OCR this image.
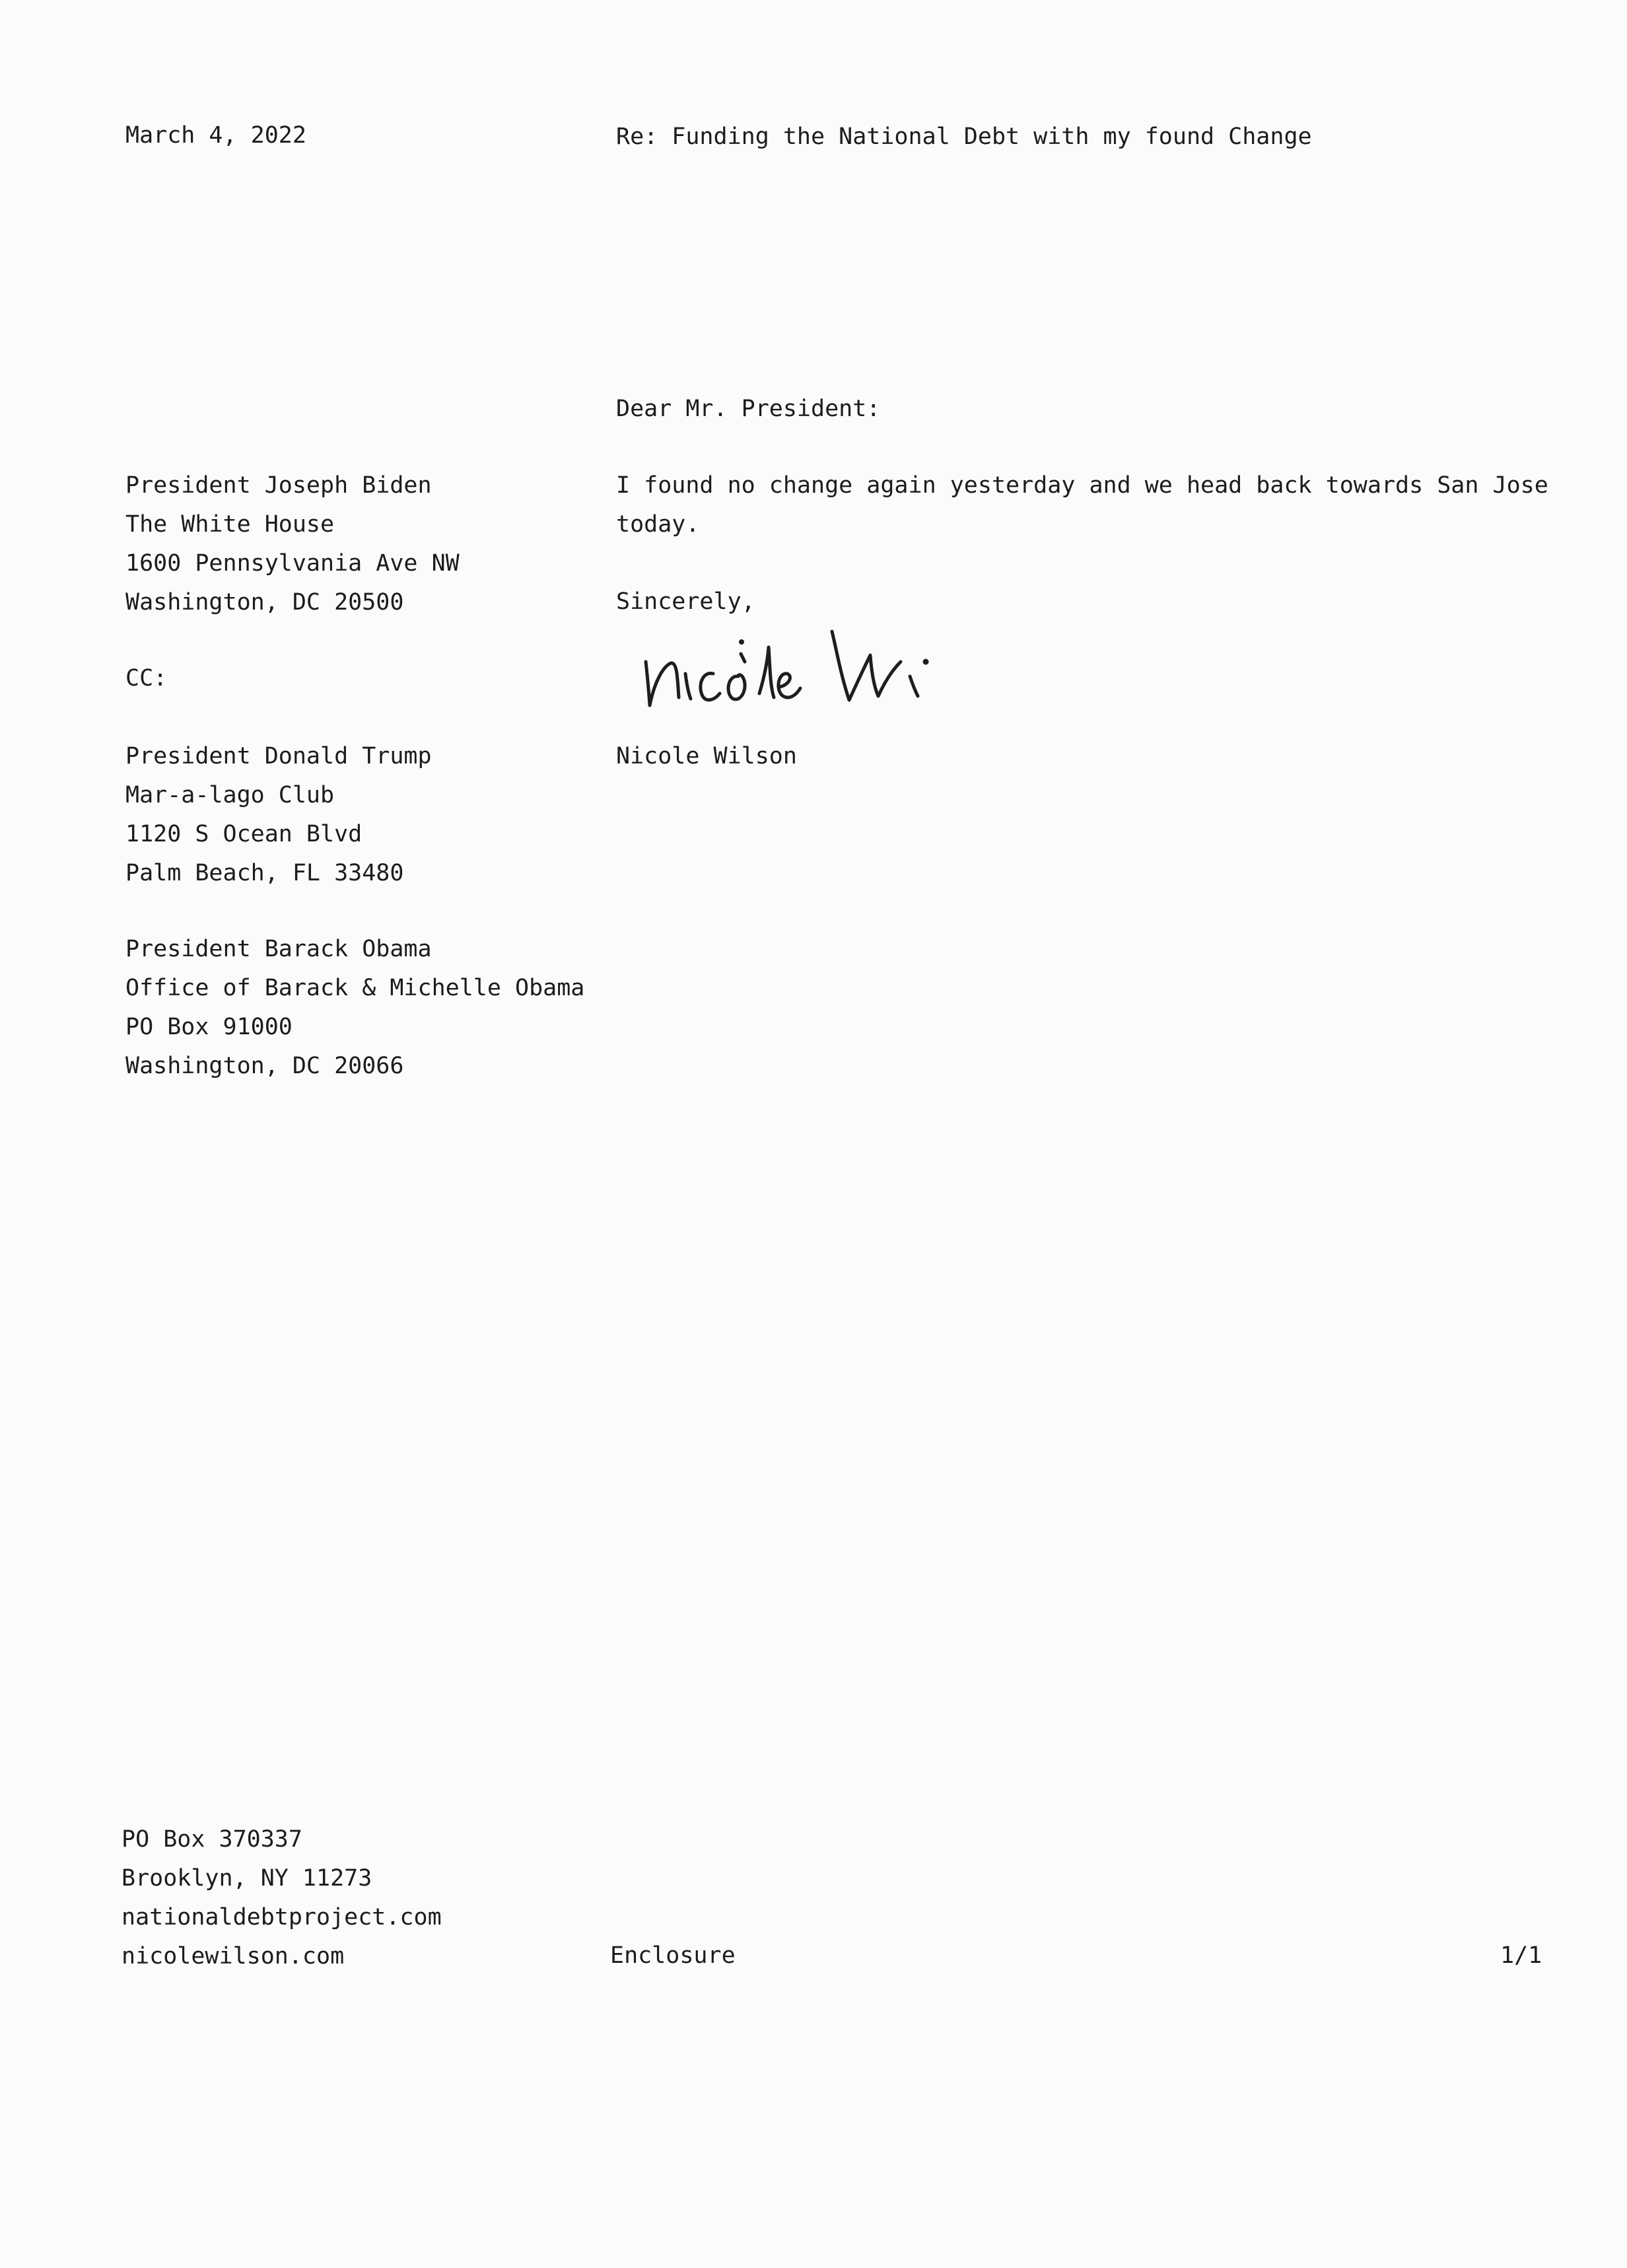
March 4, 2022	Re: Funding the National Debt with my found Change

Dear Mr. President:

President Joseph Biden
The White House
1600 Pennsylvania Ave NW
Washington, DC 20500
I found no change again yesterday and we head back towards San Jose
today.

Sincerely,

CC:

Nicole Wilson

President Donald Trump
Mar-a-lago Club
1120 S Ocean Blvd
Palm Beach, FL 33480
President Barack Obama
Office of Barack & Michelle Obama
PO Box 91000
Washington, DC 20066
PO Box 370337
Brooklyn, NY 11273
nationaldebtproject.com
nicolewilson.com	Enclosure	1/1
